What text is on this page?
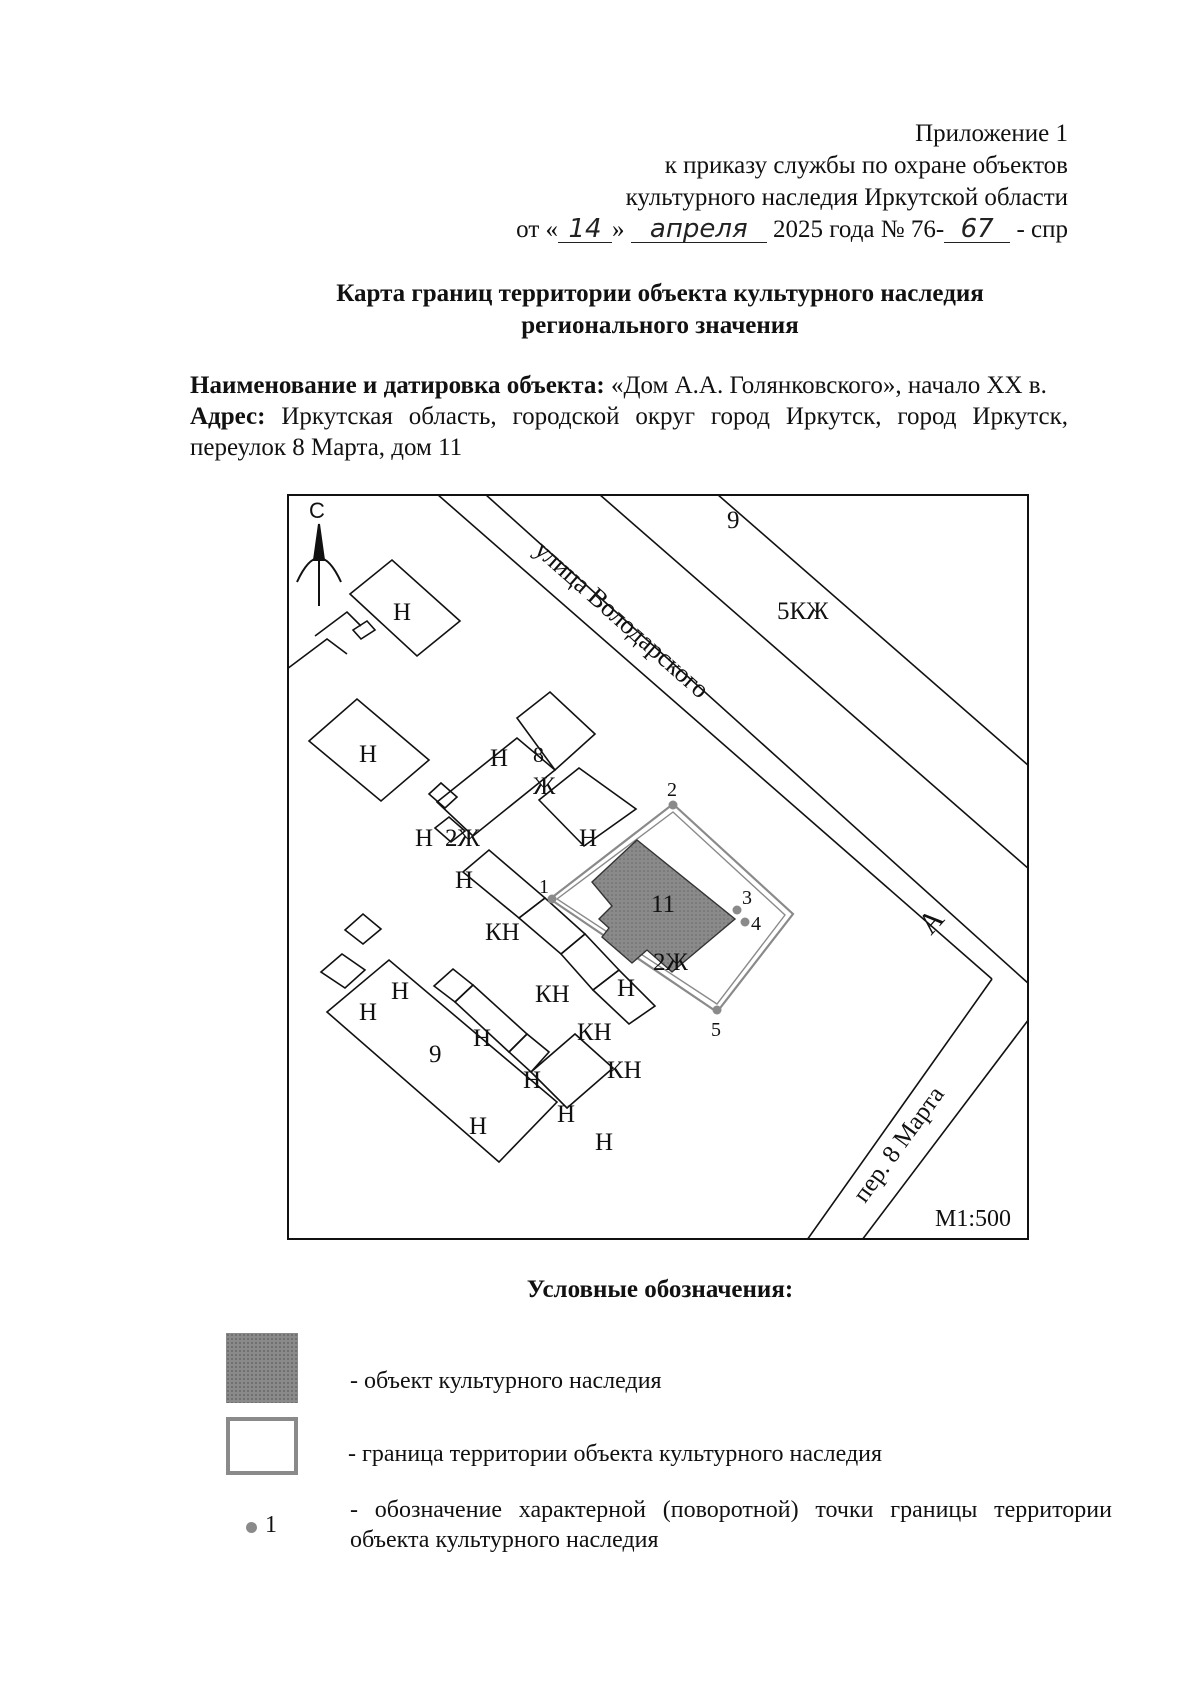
Приложение 1
к приказу службы по охране объектов
культурного наследия Иркутской области
от « 14 » апреля 2025 года № 76- 67 - спр
Карта границ территории объекта культурного наследия
регионального значения
Наименование и датировка объекта: «Дом А.А. Голянковского», начало XX в.
Адрес: Иркутская область, городской округ город Иркутск, город Иркутск, переулок 8 Марта, дом 11
1
2
3
4
5
С
улица Володарского
пер. 8 Марта
9
5КЖ
Н
Н	Н 8
Ж
Н 2Ж
Н
Н
КН
КН
КН
КН
11
2Ж
Н
А
Н
Н
9
Н
Н
Н
Н
Н
М1:500
Условные обозначения:
- объект культурного наследия
- граница территории объекта культурного наследия
1
- обозначение характерной (поворотной) точки границы территории объекта культурного наследия
